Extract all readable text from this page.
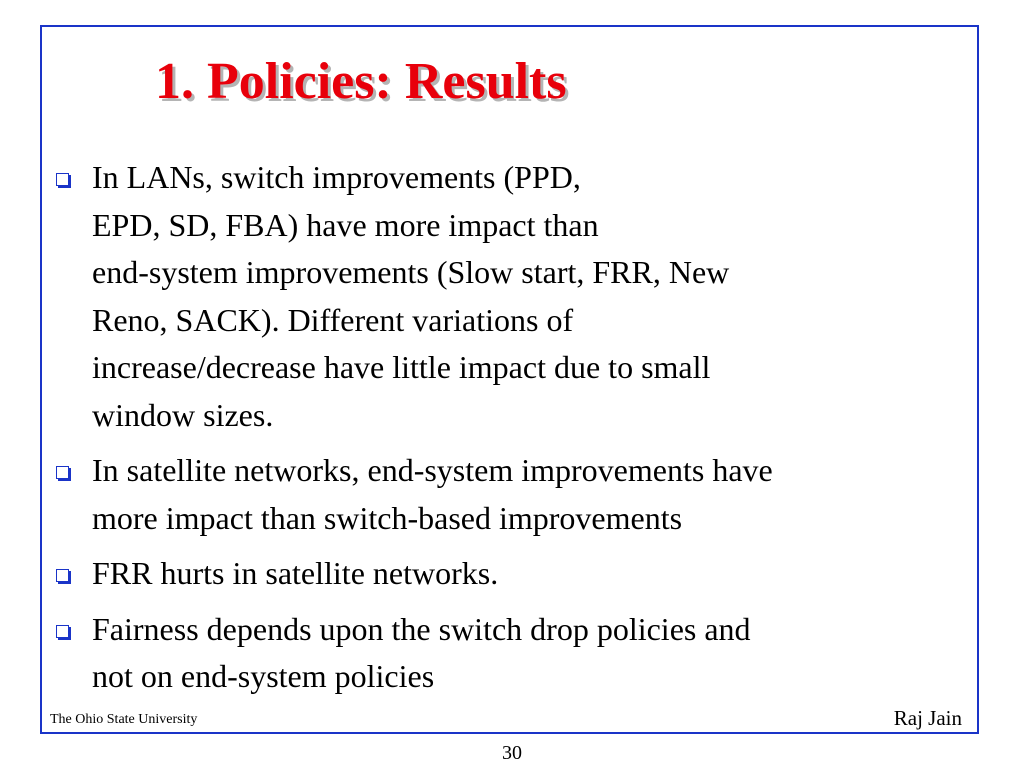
1. Policies: Results
In LANs, switch improvements (PPD,
EPD, SD, FBA) have more impact than
end-system improvements (Slow start, FRR, New
Reno, SACK). Different variations of
increase/decrease have little impact due to small
window sizes.
In satellite networks, end-system improvements have
more impact than switch-based improvements
FRR hurts in satellite networks.
Fairness depends upon the switch drop policies and
not on end-system policies
The Ohio State University	Raj Jain
30
